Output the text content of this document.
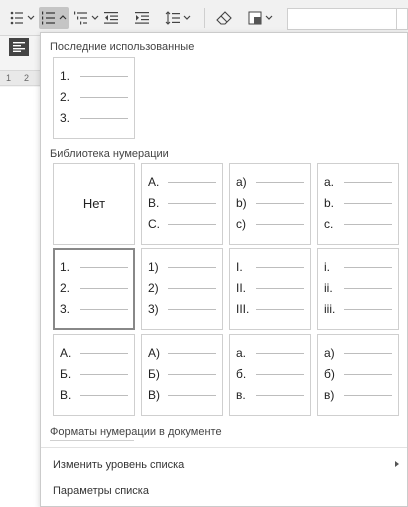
1 2
Последние использованные
1.
2.
3.
Библиотека нумерации
Нет
A.
B.
C.
a)
b)
c)
a.
b.
c.
1.
2.
3.
1)
2)
3)
I.
II.
III.
i.
ii.
iii.
А.
Б.
В.
А)
Б)
В)
а.
б.
в.
а)
б)
в)
Форматы нумерации в документе
Изменить уровень списка
Параметры списка
